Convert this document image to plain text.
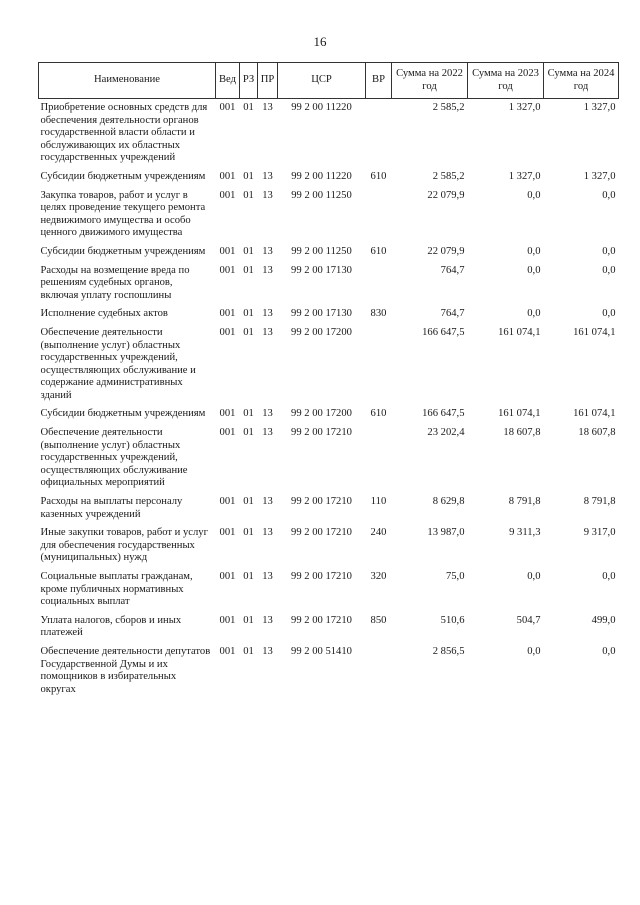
16
Наименование	Вед	РЗ	ПР	ЦСР	ВР	Сумма на 2022 год	Сумма на 2023 год	Сумма на 2024 год
Приобретение основных средств для обеспечения деятельности органов государственной власти области и обслуживающих их областных государственных учреждений	001	01	13	99 2 00 11220		2 585,2	1 327,0	1 327,0
Субсидии бюджетным учреждениям	001	01	13	99 2 00 11220	610	2 585,2	1 327,0	1 327,0
Закупка товаров, работ и услуг в целях проведение текущего ремонта недвижимого имущества и особо ценного движимого имущества	001	01	13	99 2 00 11250		22 079,9	0,0	0,0
Субсидии бюджетным учреждениям	001	01	13	99 2 00 11250	610	22 079,9	0,0	0,0
Расходы на возмещение вреда по решениям судебных органов, включая уплату госпошлины	001	01	13	99 2 00 17130		764,7	0,0	0,0
Исполнение судебных актов	001	01	13	99 2 00 17130	830	764,7	0,0	0,0
Обеспечение деятельности (выполнение услуг) областных государственных учреждений, осуществляющих обслуживание и содержание административных зданий	001	01	13	99 2 00 17200		166 647,5	161 074,1	161 074,1
Субсидии бюджетным учреждениям	001	01	13	99 2 00 17200	610	166 647,5	161 074,1	161 074,1
Обеспечение деятельности (выполнение услуг) областных государственных учреждений, осуществляющих обслуживание официальных мероприятий	001	01	13	99 2 00 17210		23 202,4	18 607,8	18 607,8
Расходы на выплаты персоналу казенных учреждений	001	01	13	99 2 00 17210	110	8 629,8	8 791,8	8 791,8
Иные закупки товаров, работ и услуг для обеспечения государственных (муниципальных) нужд	001	01	13	99 2 00 17210	240	13 987,0	9 311,3	9 317,0
Социальные выплаты гражданам, кроме публичных нормативных социальных выплат	001	01	13	99 2 00 17210	320	75,0	0,0	0,0
Уплата налогов, сборов и иных платежей	001	01	13	99 2 00 17210	850	510,6	504,7	499,0
Обеспечение деятельности депутатов Государственной Думы и их помощников в избирательных округах	001	01	13	99 2 00 51410		2 856,5	0,0	0,0
